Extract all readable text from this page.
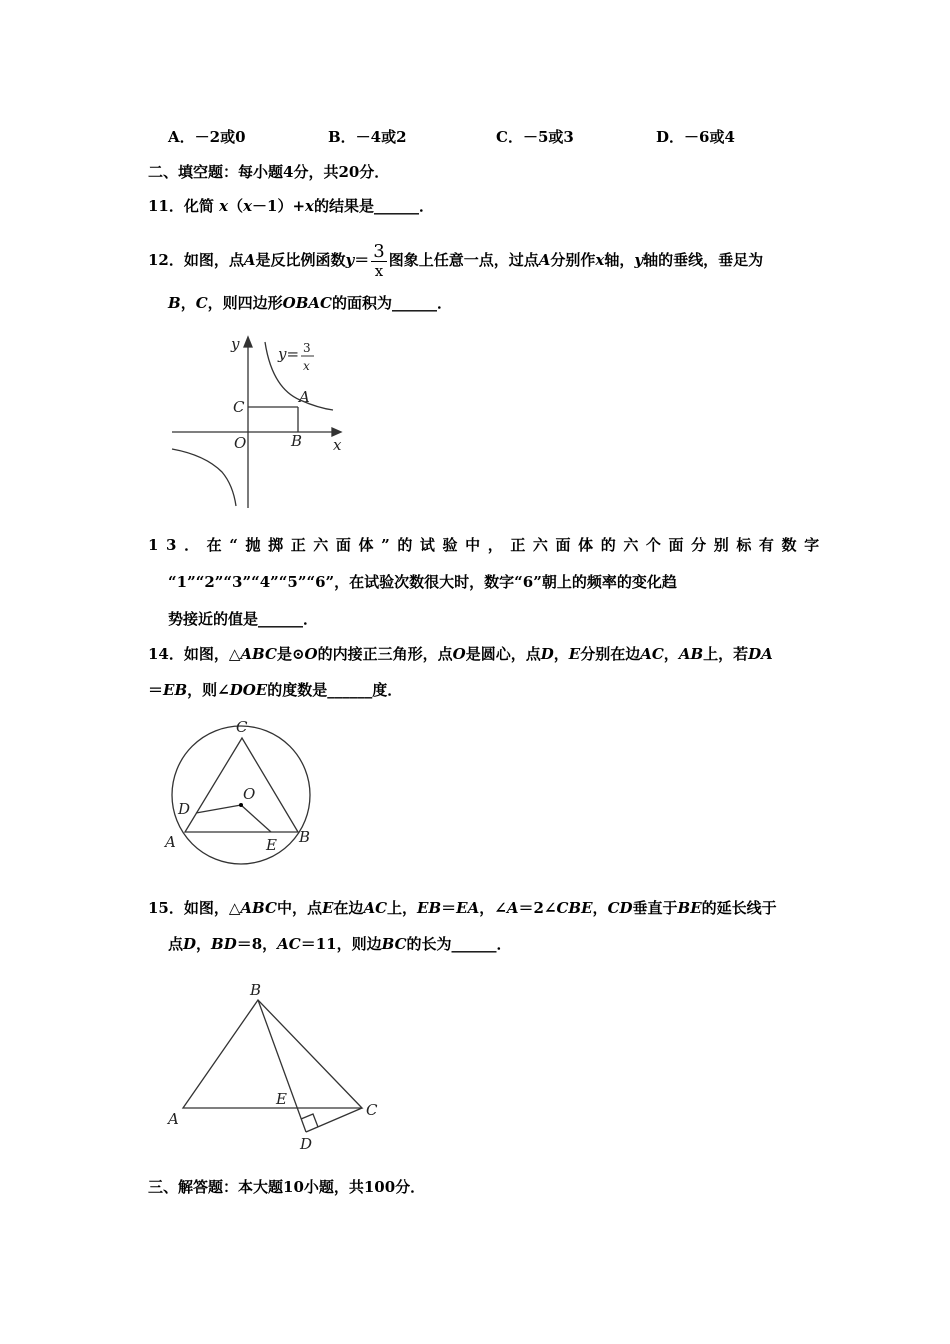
A．－2或0	B．－4或2	C．－5或3	D．－6或4
二、填空题：每小题4分，共20分．
11．化简 x（x－1）+x的结果是______．
12．如图，点A是反比例函数$y= \frac{3}{x}$ 图象上任意一点，过点A分别作x轴，y轴的垂线，垂足为
B，C，则四边形OBAC的面积为______．
y
x
y= 3
x
A
B
C
O
13．在“抛掷正六面体”的试验中，正六面体的六个面分别标有数字
“1”“2”“3”“4”“5”“6”，在试验次数很大时，数字“6”朝上的频率的变化趋
势接近的值是______．
14．如图，△ABC是⊙O的内接正三角形，点O是圆心，点D，E分别在边AC，AB上，若DA
＝EB，则∠DOE的度数是______度．
C
A	B
D
E
O
15．如图，△ABC中，点E在边AC上，EB＝EA，∠A＝2∠CBE，CD垂直于BE的延长线于
点D，BD＝8，AC＝11，则边BC的长为______．
B
A	C
E
D
三、解答题：本大题10小题，共100分．
